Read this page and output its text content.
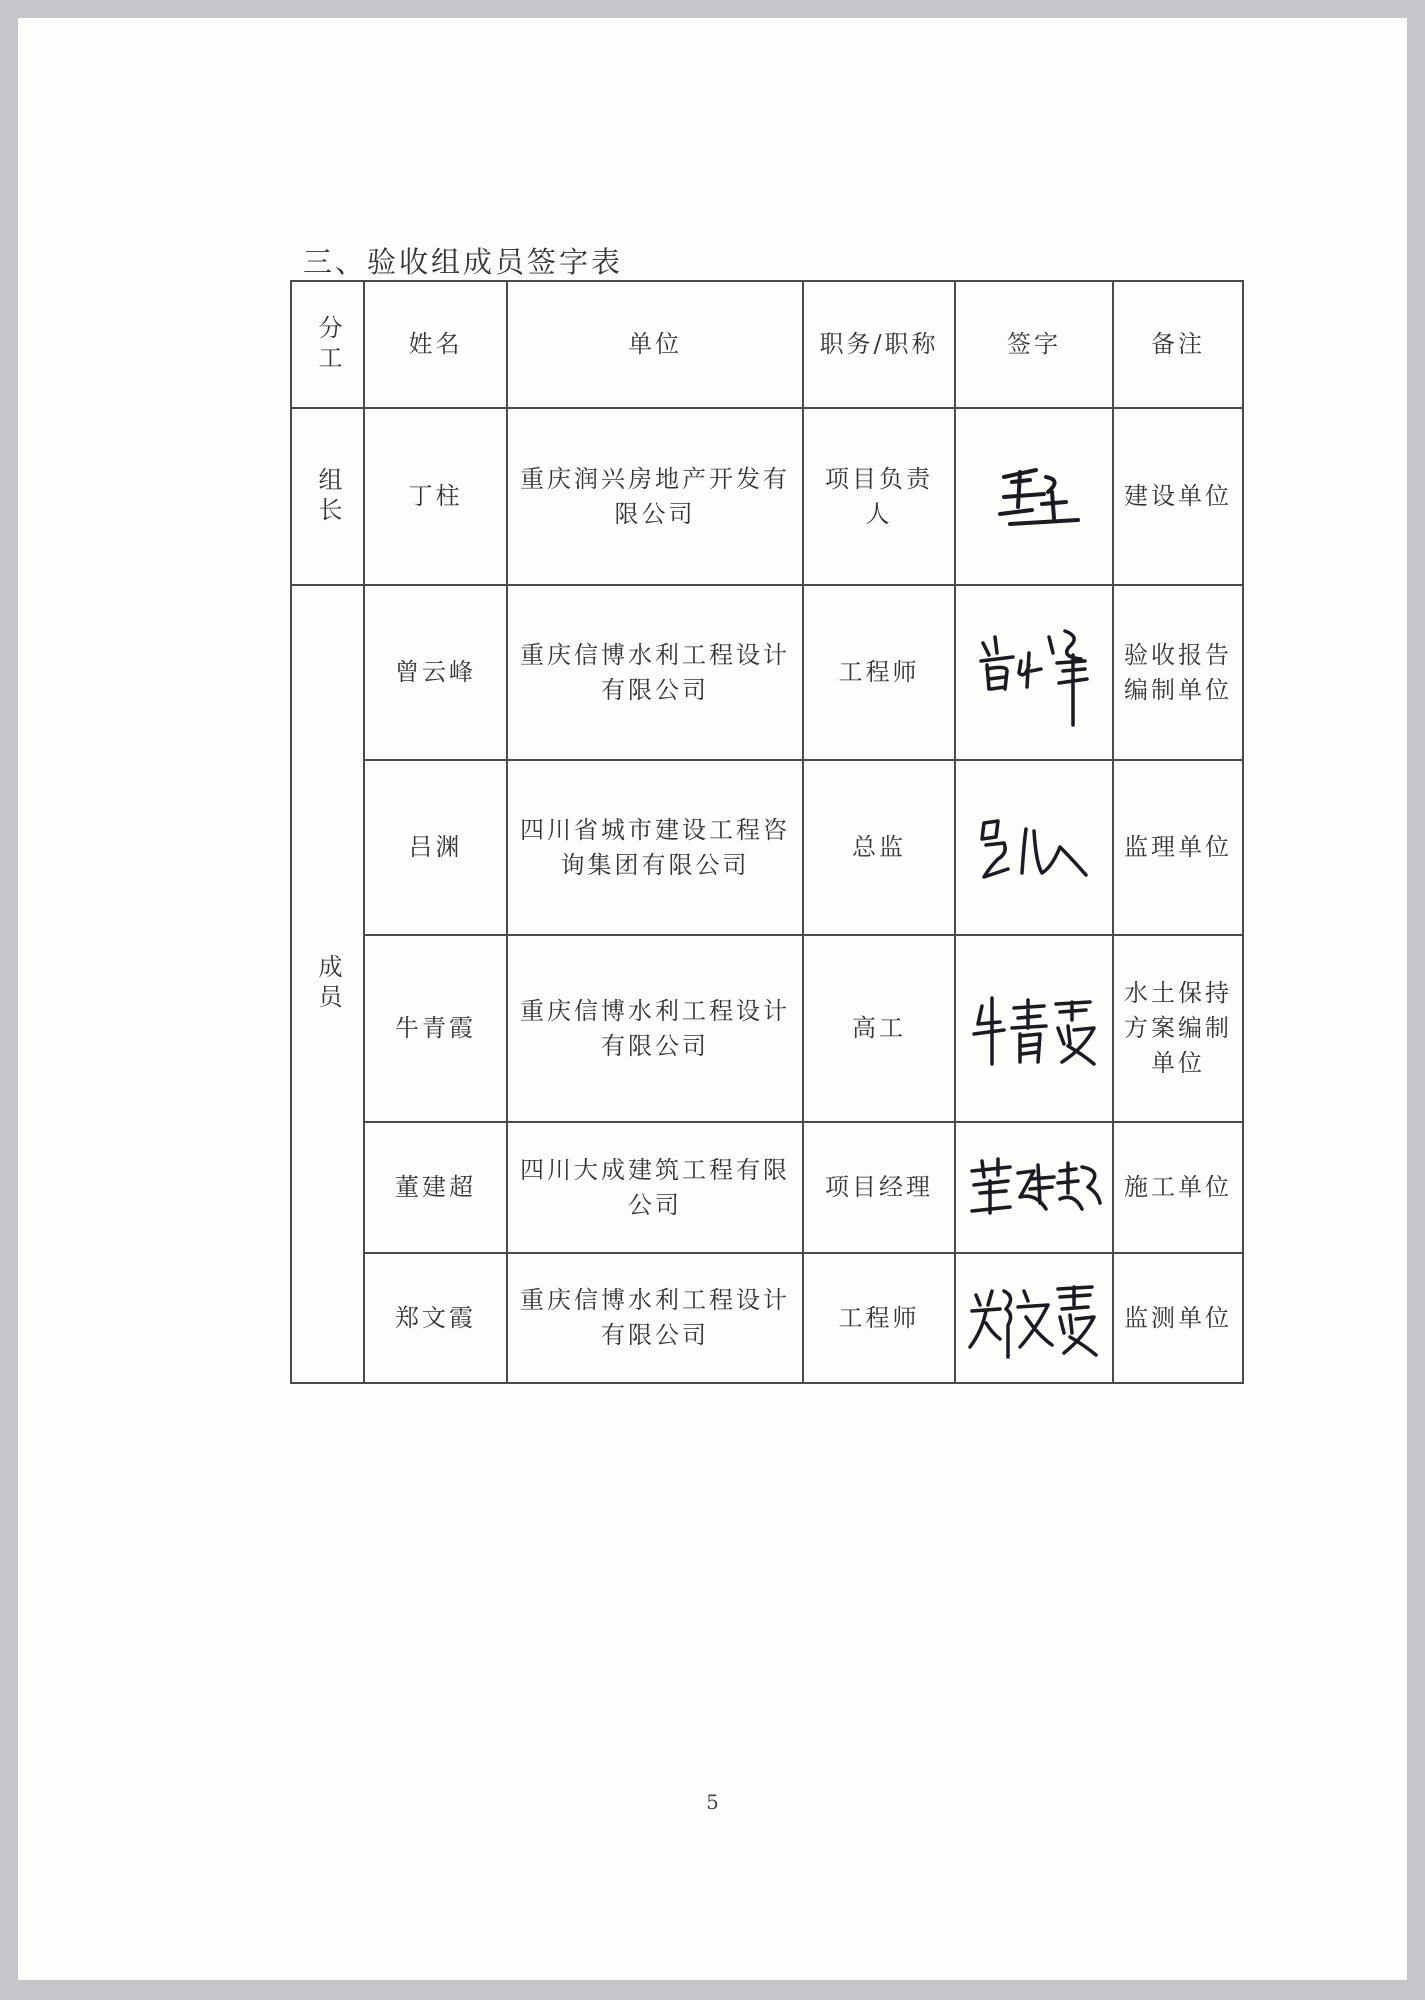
三、验收组成员签字表
分工	姓名	单位	职务/职称	签字	备注

组长	丁柱	重庆润兴房地产开发有限公司	项目负责人		建设单位

成员	曾云峰	重庆信博水利工程设计有限公司	工程师		验收报告编制单位
	吕渊	四川省城市建设工程咨询集团有限公司	总监		监理单位
	牛青霞	重庆信博水利工程设计有限公司	高工		水土保持方案编制单位
	董建超	四川大成建筑工程有限公司	项目经理		施工单位
	郑文霞	重庆信博水利工程设计有限公司	工程师		监测单位
5
